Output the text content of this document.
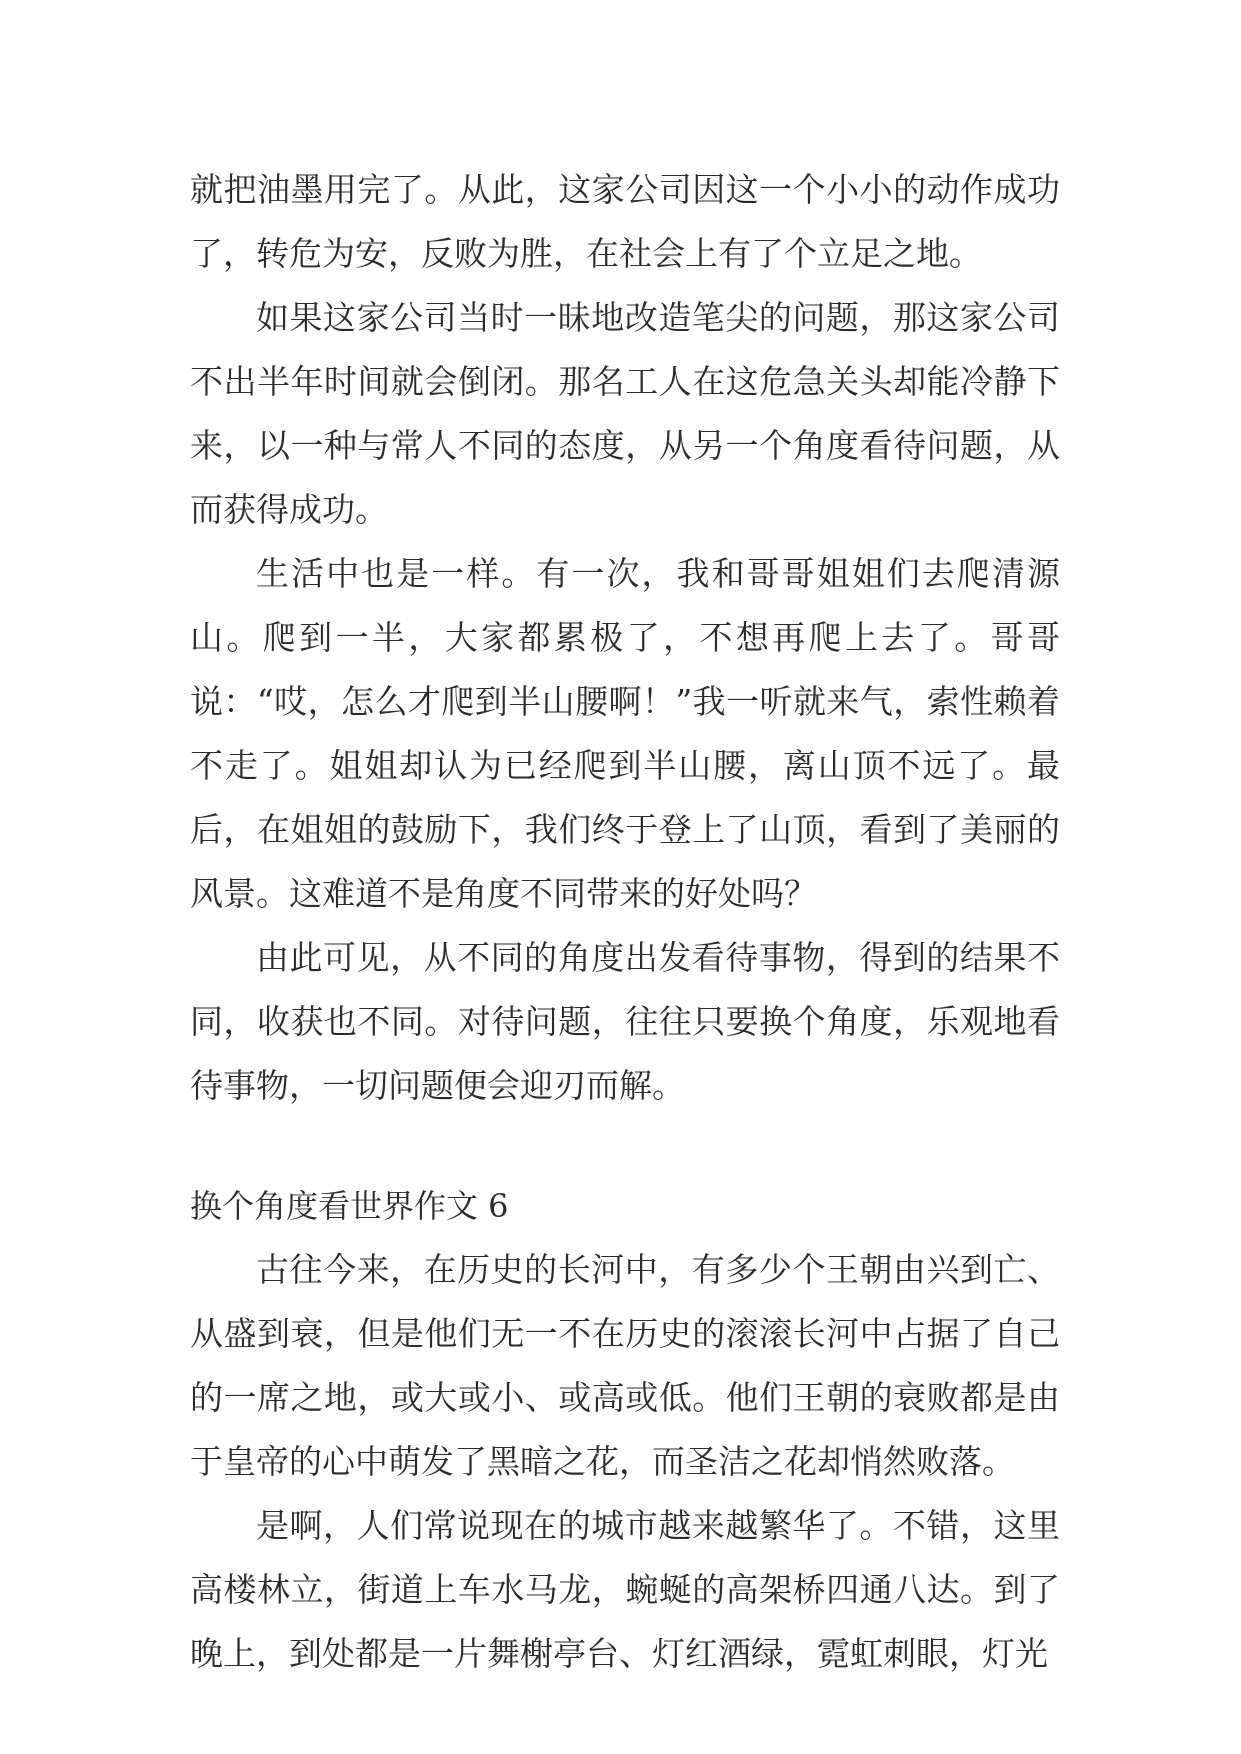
就把油墨用完了。从此，这家公司因这一个小小的动作成功了，转危为安，反败为胜，在社会上有了个立足之地。

如果这家公司当时一昧地改造笔尖的问题，那这家公司不出半年时间就会倒闭。那名工人在这危急关头却能冷静下来，以一种与常人不同的态度，从另一个角度看待问题，从而获得成功。

生活中也是一样。有一次，我和哥哥姐姐们去爬清源山。爬到一半，大家都累极了，不想再爬上去了。哥哥说：“哎，怎么才爬到半山腰啊！”我一听就来气，索性赖着不走了。姐姐却认为已经爬到半山腰，离山顶不远了。最后，在姐姐的鼓励下，我们终于登上了山顶，看到了美丽的风景。这难道不是角度不同带来的好处吗？

由此可见，从不同的角度出发看待事物，得到的结果不同，收获也不同。对待问题，往往只要换个角度，乐观地看待事物，一切问题便会迎刃而解。

换个角度看世界作文 6

古往今来，在历史的长河中，有多少个王朝由兴到亡、从盛到衰，但是他们无一不在历史的滚滚长河中占据了自己的一席之地，或大或小、或高或低。他们王朝的衰败都是由于皇帝的心中萌发了黑暗之花，而圣洁之花却悄然败落。

是啊，人们常说现在的城市越来越繁华了。不错，这里高楼林立，街道上车水马龙，蜿蜒的高架桥四通八达。到了晚上，到处都是一片舞榭亭台、灯红酒绿，霓虹刺眼，灯光
